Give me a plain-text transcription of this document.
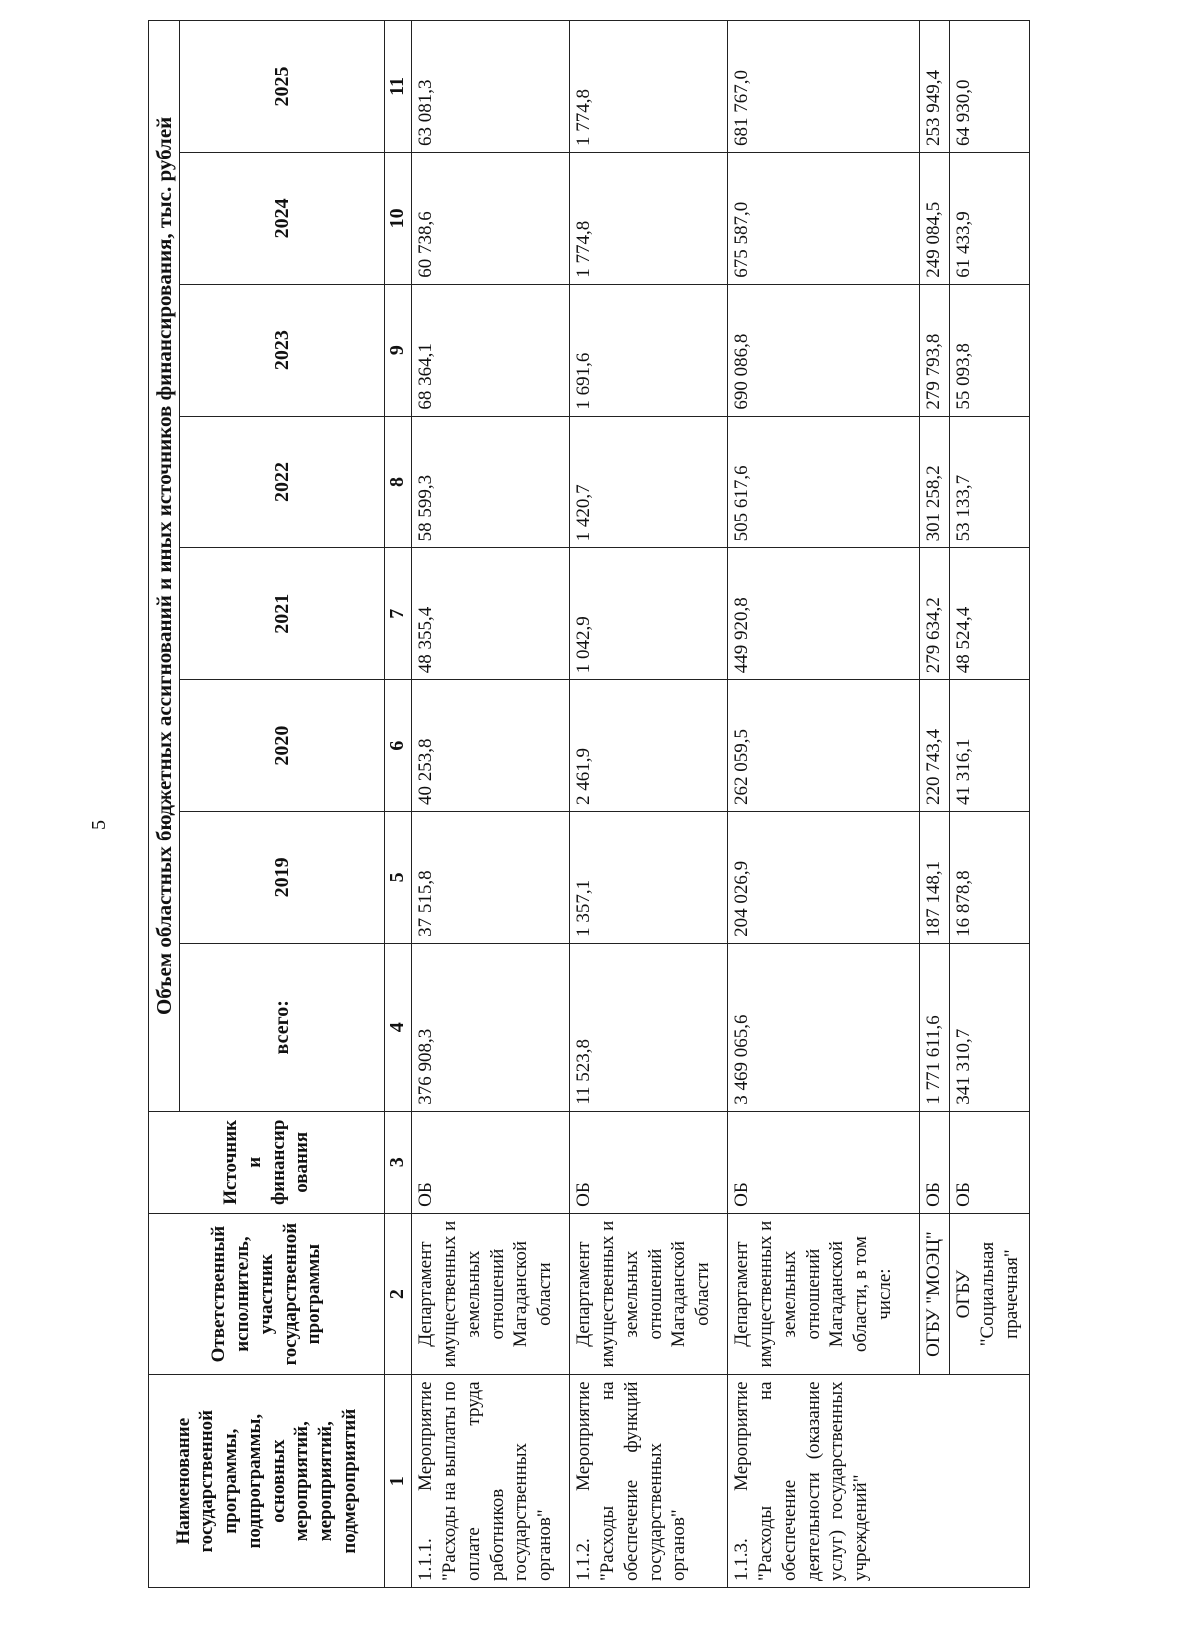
5
Наименование государственной программы, подпрограммы, основных мероприятий, мероприятий, подмероприятий	Ответственный исполнитель, участник государственной программы	Источник и финансир ования	Объем областных бюджетных ассигнований и иных источников финансирования, тыс. рублей							
			всего:	2019	2020	2021	2022	2023	2024	2025
1	2	3	4	5	6	7	8	9	10	11
1.1.1. Мероприятие "Расходы на выплаты по оплате труда работников государственных органов"	Департамент имущественных и земельных отношений Магаданской области	ОБ	376 908,3	37 515,8	40 253,8	48 355,4	58 599,3	68 364,1	60 738,6	63 081,3
1.1.2. Мероприятие "Расходы на обеспечение функций государственных органов"	Департамент имущественных и земельных отношений Магаданской области	ОБ	11 523,8	1 357,1	2 461,9	1 042,9	1 420,7	1 691,6	1 774,8	1 774,8
1.1.3. Мероприятие "Расходы на обеспечение деятельности (оказание услуг) государственных учреждений"	Департамент имущественных и земельных отношений Магаданской области, в том числе:	ОБ	3 469 065,6	204 026,9	262 059,5	449 920,8	505 617,6	690 086,8	675 587,0	681 767,0
	ОГБУ "МОЭЦ"	ОБ	1 771 611,6	187 148,1	220 743,4	279 634,2	301 258,2	279 793,8	249 084,5	253 949,4
	ОГБУ "Социальная прачечная"	ОБ	341 310,7	16 878,8	41 316,1	48 524,4	53 133,7	55 093,8	61 433,9	64 930,0
